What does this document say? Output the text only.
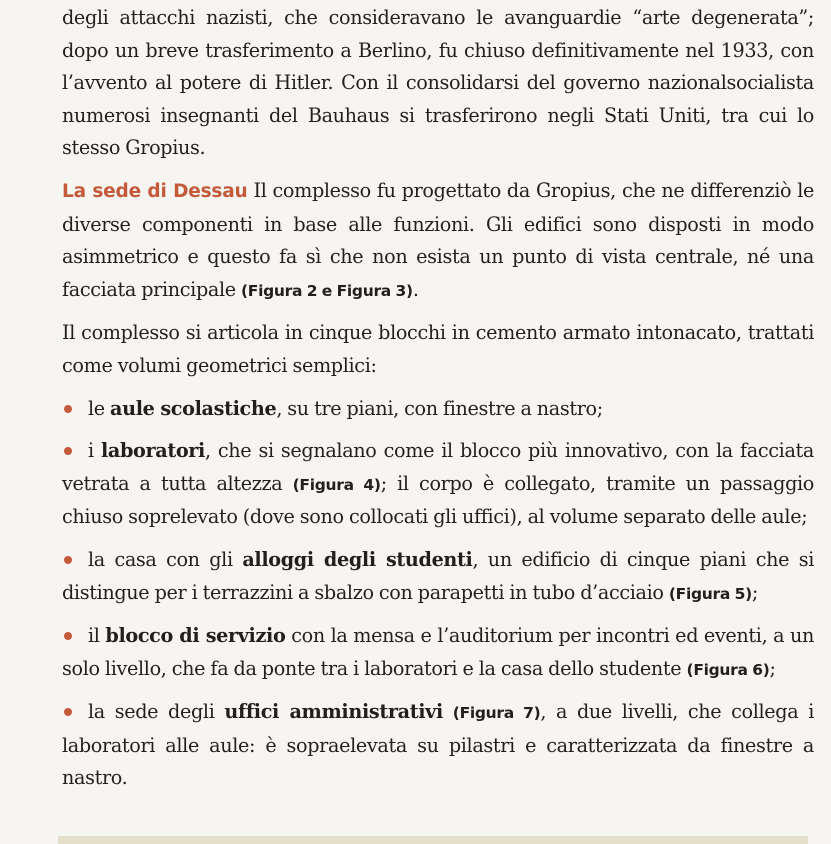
degli attacchi nazisti, che consideravano le avanguardie “arte degenerata”; dopo un breve trasferimento a Berlino, fu chiuso definitivamente nel 1933, con l’avvento al potere di Hitler. Con il consolidarsi del governo nazionalsocialista numerosi insegnanti del Bauhaus si trasferirono negli Stati Uniti, tra cui lo stesso Gropius.

La sede di Dessau Il complesso fu progettato da Gropius, che ne differenziò le diverse componenti in base alle funzioni. Gli edifici sono disposti in modo asimmetrico e questo fa sì che non esista un punto di vista centrale, né una facciata principale (Figura 2 e Figura 3).

Il complesso si articola in cinque blocchi in cemento armato intonacato, trattati come volumi geometrici semplici:

le aule scolastiche, su tre piani, con finestre a nastro;

i laboratori, che si segnalano come il blocco più innovativo, con la facciata vetrata a tutta altezza (Figura 4); il corpo è collegato, tramite un passaggio chiuso soprelevato (dove sono collocati gli uffici), al volume separato delle aule;

la casa con gli alloggi degli studenti, un edificio di cinque piani che si distingue per i terrazzini a sbalzo con parapetti in tubo d’acciaio (Figura 5);

il blocco di servizio con la mensa e l’auditorium per incontri ed eventi, a un solo livello, che fa da ponte tra i laboratori e la casa dello studente (Figura 6);

la sede degli uffici amministrativi (Figura 7), a due livelli, che collega i laboratori alle aule: è sopraelevata su pilastri e caratterizzata da finestre a nastro.
